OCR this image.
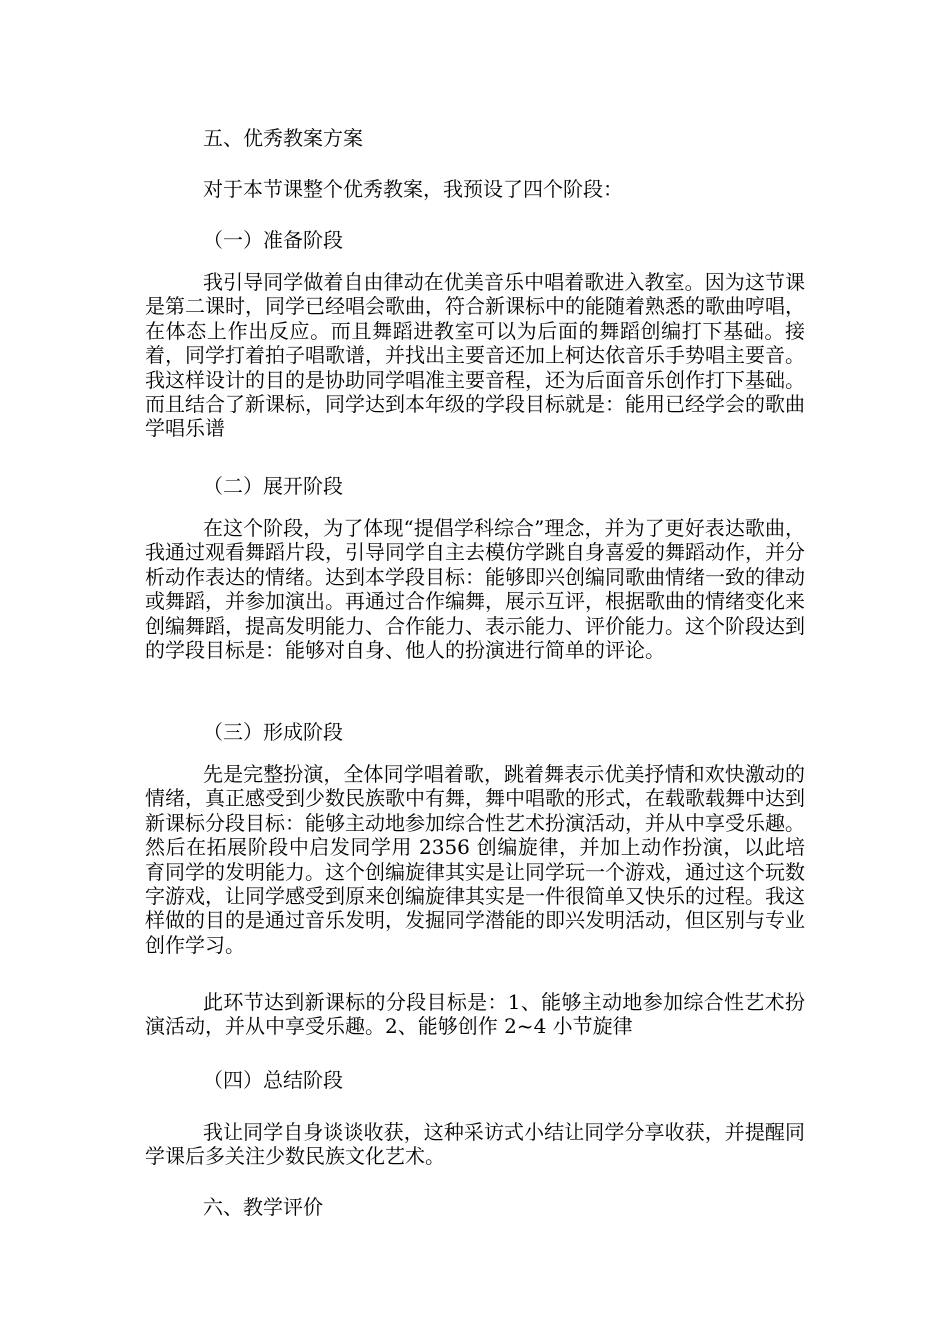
五、优秀教案方案
对于本节课整个优秀教案，我预设了四个阶段：
（一）准备阶段
我引导同学做着自由律动在优美音乐中唱着歌进入教室。因为这节课是第二课时，同学已经唱会歌曲，符合新课标中的能随着熟悉的歌曲哼唱，在体态上作出反应。而且舞蹈进教室可以为后面的舞蹈创编打下基础。接着，同学打着拍子唱歌谱，并找出主要音还加上柯达依音乐手势唱主要音。我这样设计的目的是协助同学唱准主要音程，还为后面音乐创作打下基础。而且结合了新课标，同学达到本年级的学段目标就是：能用已经学会的歌曲学唱乐谱
（二）展开阶段
在这个阶段，为了体现“提倡学科综合”理念，并为了更好表达歌曲，我通过观看舞蹈片段，引导同学自主去模仿学跳自身喜爱的舞蹈动作，并分析动作表达的情绪。达到本学段目标：能够即兴创编同歌曲情绪一致的律动或舞蹈，并参加演出。再通过合作编舞，展示互评，根据歌曲的情绪变化来创编舞蹈，提高发明能力、合作能力、表示能力、评价能力。这个阶段达到的学段目标是：能够对自身、他人的扮演进行简单的评论。
（三）形成阶段
先是完整扮演，全体同学唱着歌，跳着舞表示优美抒情和欢快激动的情绪，真正感受到少数民族歌中有舞，舞中唱歌的形式，在载歌载舞中达到新课标分段目标：能够主动地参加综合性艺术扮演活动，并从中享受乐趣。然后在拓展阶段中启发同学用 2356 创编旋律，并加上动作扮演，以此培育同学的发明能力。这个创编旋律其实是让同学玩一个游戏，通过这个玩数字游戏，让同学感受到原来创编旋律其实是一件很简单又快乐的过程。我这样做的目的是通过音乐发明，发掘同学潜能的即兴发明活动，但区别与专业创作学习。
此环节达到新课标的分段目标是：1、能够主动地参加综合性艺术扮演活动，并从中享受乐趣。2、能够创作 2~4 小节旋律
（四）总结阶段
我让同学自身谈谈收获，这种采访式小结让同学分享收获，并提醒同学课后多关注少数民族文化艺术。
六、教学评价
